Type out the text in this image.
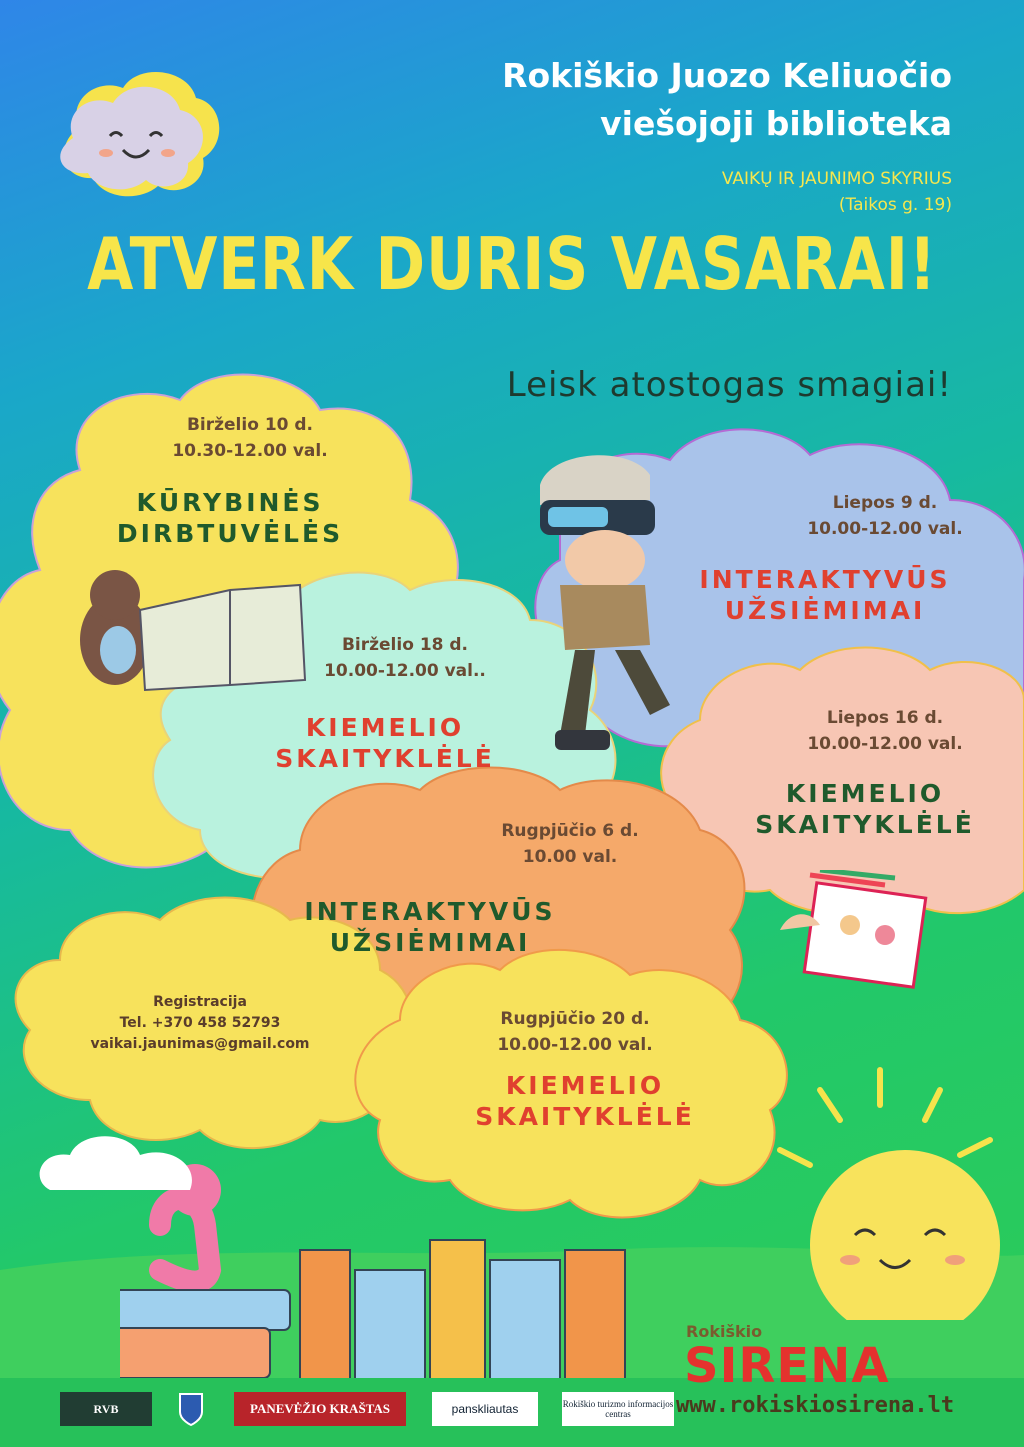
Rokiškio Juozo Keliuočio
viešojoji biblioteka
VAIKŲ IR JAUNIMO SKYRIUS
(Taikos g. 19)
ATVERK DURIS VASARAI!
Leisk atostogas smagiai!
Birželio 10 d.
10.30-12.00 val.
KŪRYBINĖS
DIRBTUVĖLĖS
Birželio 18 d.
10.00-12.00 val..
KIEMELIO
SKAITYKLĖLĖ
Liepos 9 d.
10.00-12.00 val.
INTERAKTYVŪS
UŽSIĖMIMAI
Liepos 16 d.
10.00-12.00 val.
KIEMELIO
SKAITYKLĖLĖ
Rugpjūčio 6 d.
10.00 val.
INTERAKTYVŪS
UŽSIĖMIMAI
Registracija
Tel. +370 458 52793
vaikai.jaunimas@gmail.com
Rugpjūčio 20 d.
10.00-12.00 val.
KIEMELIO
SKAITYKLĖLĖ
RVB	PANEVĖŽIO KRAŠTAS	panskliautas	Rokiškio turizmo informacijos centras
Rokiškio
SIRENA
www.rokiskiosirena.lt
